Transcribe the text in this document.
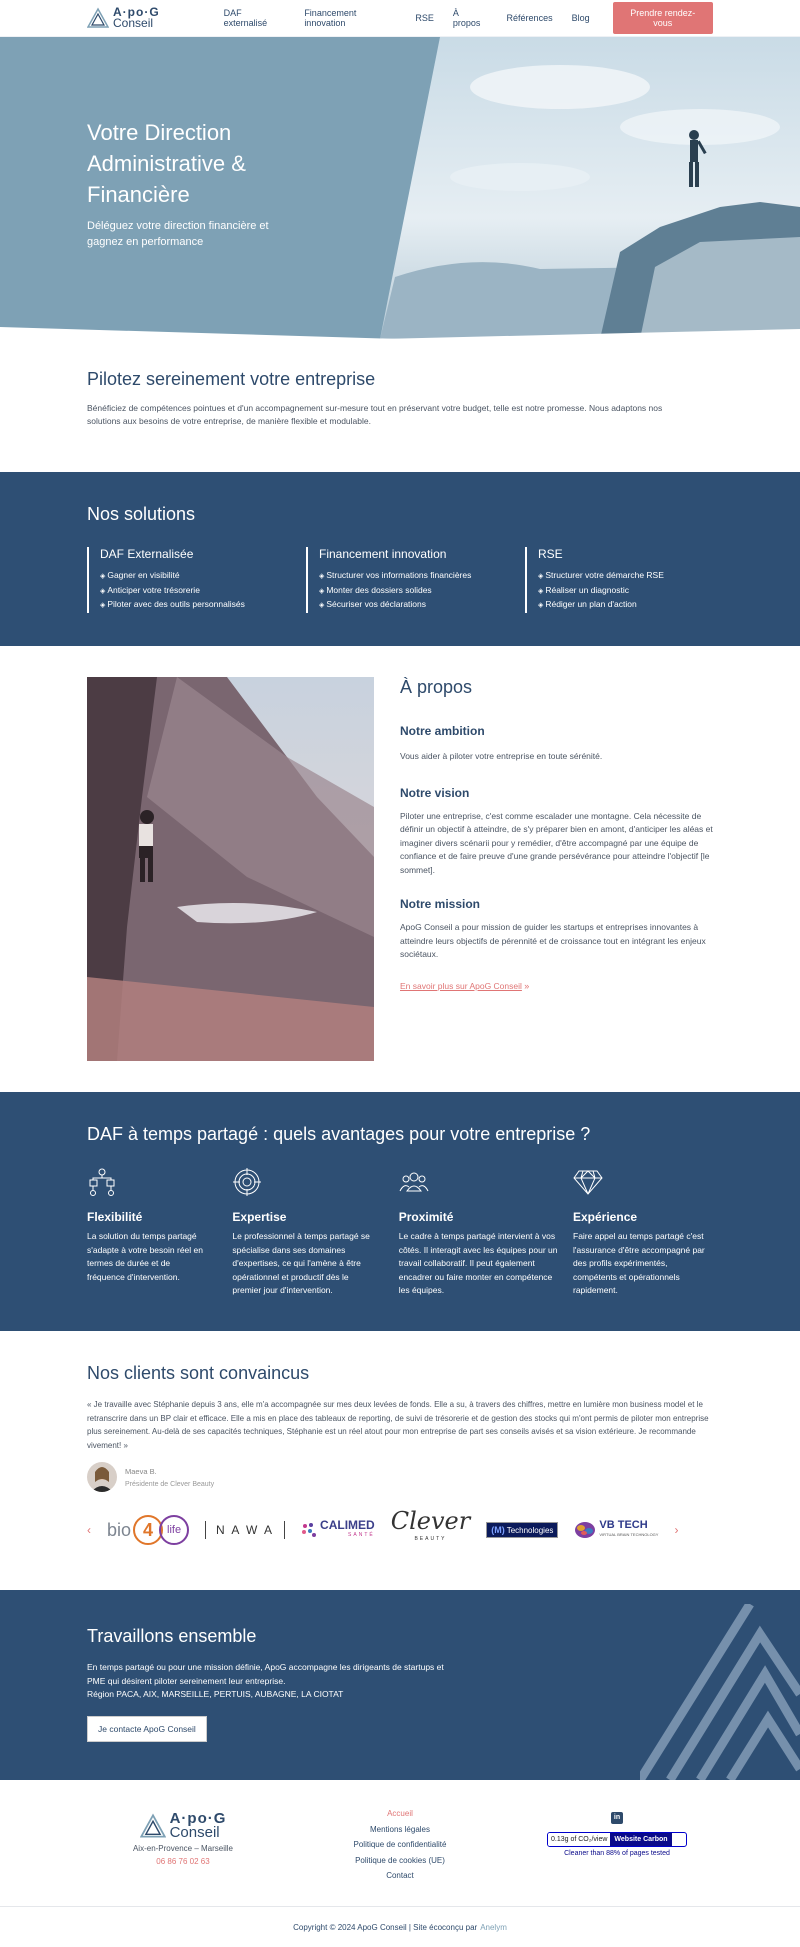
A·po·G
Conseil
DAF externalisé
Financement innovation	RSE À propos	Références Blog	Prendre rendez-vous
Votre Direction Administrative & Financière

Déléguez votre direction financière et gagnez en performance

Pilotez sereinement votre entreprise

Bénéficiez de compétences pointues et d'un accompagnement sur-mesure tout en préservant votre budget, telle est notre promesse. Nous adaptons nos solutions aux besoins de votre entreprise, de manière flexible et modulable.

Nos solutions
DAF Externalisée
◈ Gagner en visibilité
◈ Anticiper votre trésorerie
◈ Piloter avec des outils personnalisés
Financement innovation
◈ Structurer vos informations financières
◈ Monter des dossiers solides
◈ Sécuriser vos déclarations
RSE
◈ Structurer votre démarche RSE
◈ Réaliser un diagnostic
◈ Rédiger un plan d'action
À propos
Notre ambition

Vous aider à piloter votre entreprise en toute sérénité.

Notre vision

Piloter une entreprise, c'est comme escalader une montagne. Cela nécessite de définir un objectif à atteindre, de s'y préparer bien en amont, d'anticiper les aléas et imaginer divers scénarii pour y remédier, d'être accompagné par une équipe de confiance et de faire preuve d'une grande persévérance pour atteindre l'objectif [le sommet].

Notre mission

ApoG Conseil a pour mission de guider les startups et entreprises innovantes à atteindre leurs objectifs de pérennité et de croissance tout en intégrant les enjeux sociétaux.

En savoir plus sur ApoG Conseil »

DAF à temps partagé : quels avantages pour votre entreprise ?
Flexibilité

La solution du temps partagé s'adapte à votre besoin réel en termes de durée et de fréquence d'intervention.

Expertise

Le professionnel à temps partagé se spécialise dans ses domaines d'expertises, ce qui l'amène à être opérationnel et productif dès le premier jour d'intervention.

Proximité

Le cadre à temps partagé intervient à vos côtés. Il interagit avec les équipes pour un travail collaboratif. Il peut également encadrer ou faire monter en compétence les équipes.

Expérience

Faire appel au temps partagé c'est l'assurance d'être accompagné par des profils expérimentés, compétents et opérationnels rapidement.

Nos clients sont convaincus

« Je travaille avec Stéphanie depuis 3 ans, elle m'a accompagnée sur mes deux levées de fonds. Elle a su, à travers des chiffres, mettre en lumière mon business model et le retranscrire dans un BP clair et efficace. Elle a mis en place des tableaux de reporting, de suivi de trésorerie et de gestion des stocks qui m'ont permis de piloter mon entreprise plus sereinement. Au-delà de ses capacités techniques, Stéphanie est un réel atout pour mon entreprise de part ses conseils avisés et sa vision extérieure. Je recommande vivement! »

Maeva B.
Présidente de Clever Beauty
‹ bio 4	life	N A W A	CALIMED
SANTÉ Clever
BEAUTY
(M) Technologies	VB TECH
VIRTUAL BRAIN TECHNOLOGY ›
Travaillons ensemble

En temps partagé ou pour une mission définie, ApoG accompagne les dirigeants de startups et PME qui désirent piloter sereinement leur entreprise.
Région PACA, AIX, MARSEILLE, PERTUIS, AUBAGNE, LA CIOTAT

Je contacte ApoG Conseil
A·po·G
Conseil
Aix-en-Provence – Marseille
06 86 76 02 63
Accueil
Mentions légales
Politique de confidentialité
Politique de cookies (UE)
Contact
in
0.13g of CO₂/view	Website Carbon
Cleaner than 88% of pages tested
Copyright © 2024 ApoG Conseil | Site écoconçu par Anelym
